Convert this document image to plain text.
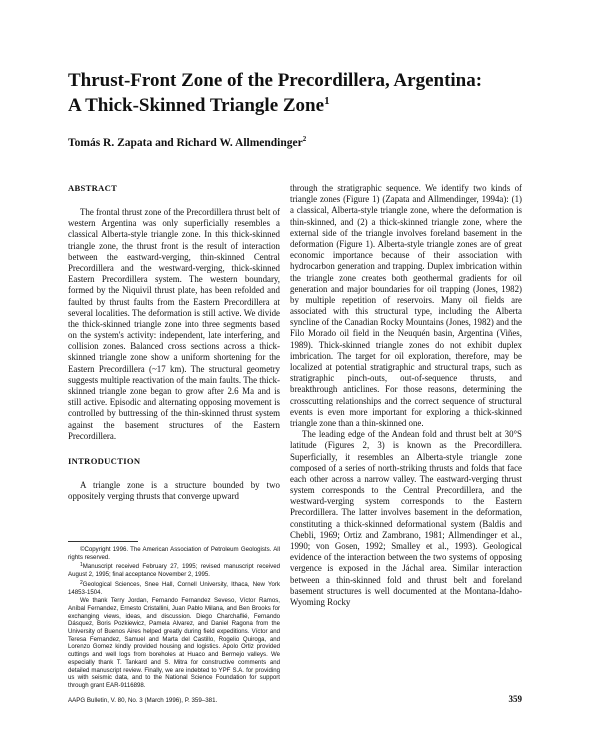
Thrust-Front Zone of the Precordillera, Argentina:
A Thick-Skinned Triangle Zone$^1$
Tomás R. Zapata and Richard W. Allmendinger$^2$
ABSTRACT

The frontal thrust zone of the Precordillera thrust belt of western Argentina was only superficially resembles a classical Alberta-style triangle zone. In this thick-skinned triangle zone, the thrust front is the result of interaction between the eastward-verging, thin-skinned Central Precordillera and the westward-verging, thick-skinned Eastern Precordillera system. The western boundary, formed by the Niquivil thrust plate, has been refolded and faulted by thrust faults from the Eastern Precordillera at several localities. The deformation is still active. We divide the thick-skinned triangle zone into three segments based on the system's activity: independent, late interfering, and collision zones. Balanced cross sections across a thick-skinned triangle zone show a uniform shortening for the Eastern Precordillera (~17 km). The structural geometry suggests multiple reactivation of the main faults. The thick-skinned triangle zone began to grow after 2.6 Ma and is still active. Episodic and alternating opposing movement is controlled by buttressing of the thin-skinned thrust system against the basement structures of the Eastern Precordillera.

INTRODUCTION

A triangle zone is a structure bounded by two oppositely verging thrusts that converge upward

through the stratigraphic sequence. We identify two kinds of triangle zones (Figure 1) (Zapata and Allmendinger, 1994a): (1) a classical, Alberta-style triangle zone, where the deformation is thin-skinned, and (2) a thick-skinned triangle zone, where the external side of the triangle involves foreland basement in the deformation (Figure 1). Alberta-style triangle zones are of great economic importance because of their association with hydrocarbon generation and trapping. Duplex imbrication within the triangle zone creates both geothermal gradients for oil generation and major boundaries for oil trapping (Jones, 1982) by multiple repetition of reservoirs. Many oil fields are associated with this structural type, including the Alberta syncline of the Canadian Rocky Mountains (Jones, 1982) and the Filo Morado oil field in the Neuquén basin, Argentina (Viñes, 1989). Thick-skinned triangle zones do not exhibit duplex imbrication. The target for oil exploration, therefore, may be localized at potential stratigraphic and structural traps, such as stratigraphic pinch-outs, out-of-sequence thrusts, and breakthrough anticlines. For those reasons, determining the crosscutting relationships and the correct sequence of structural events is even more important for exploring a thick-skinned triangle zone than a thin-skinned one.

The leading edge of the Andean fold and thrust belt at 30°S latitude (Figures 2, 3) is known as the Precordillera. Superficially, it resembles an Alberta-style triangle zone composed of a series of north-striking thrusts and folds that face each other across a narrow valley. The eastward-verging thrust system corresponds to the Central Precordillera, and the westward-verging system corresponds to the Eastern Precordillera. The latter involves basement in the deformation, constituting a thick-skinned deformational system (Baldis and Chebli, 1969; Ortiz and Zambrano, 1981; Allmendinger et al., 1990; von Gosen, 1992; Smalley et al., 1993). Geological evidence of the interaction between the two systems of opposing vergence is exposed in the Jáchal area. Similar interaction between a thin-skinned fold and thrust belt and foreland basement structures is well documented at the Montana-Idaho-Wyoming Rocky

©Copyright 1996. The American Association of Petroleum Geologists. All rights reserved.

$^1$Manuscript received February 27, 1995; revised manuscript received August 2, 1995; final acceptance November 2, 1995.

$^2$Geological Sciences, Snee Hall, Cornell University, Ithaca, New York 14853-1504.

We thank Terry Jordan, Fernando Fernandez Seveso, Víctor Ramos, Aníbal Fernandez, Ernesto Cristallini, Juan Pablo Milana, and Ben Brooks for exchanging views, ideas, and discussion. Diego Charchaflié, Fernando Dásquez, Boris Pozkiewicz, Pamela Alvarez, and Daniel Ragona from the University of Buenos Aires helped greatly during field expeditions. Víctor and Teresa Fernandez, Samuel and Marta del Castillo, Rogelio Quiroga, and Lorenzo Gomez kindly provided housing and logistics. Apolo Ortiz provided cuttings and well logs from boreholes at Huaco and Bermejo valleys. We especially thank T. Tankard and S. Mitra for constructive comments and detailed manuscript review. Finally, we are indebted to YPF S.A. for providing us with seismic data, and to the National Science Foundation for support through grant EAR-9116898.

AAPG Bulletin, V. 80, No. 3 (March 1996), P. 359–381.	359
